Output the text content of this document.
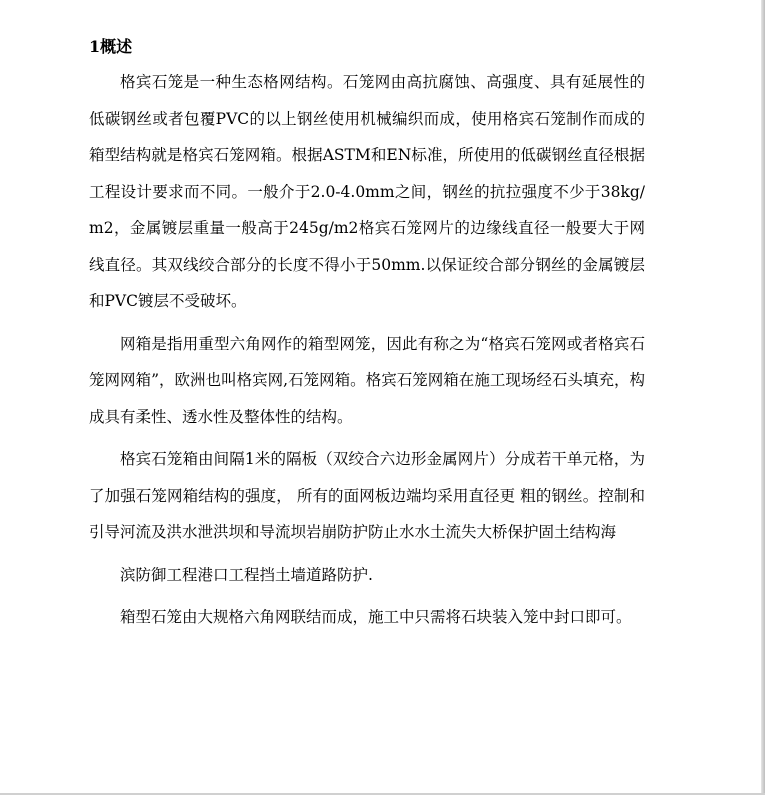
1概述

格宾石笼是一种生态格网结构。石笼网由高抗腐蚀、高强度、具有延展性的低碳钢丝或者包覆PVC的以上钢丝使用机械编织而成，使用格宾石笼制作而成的箱型结构就是格宾石笼网箱。根据ASTM和EN标准，所使用的低碳钢丝直径根据工程设计要求而不同。一般介于2.0-4.0mm之间，钢丝的抗拉强度不少于38kg/m2，金属镀层重量一般高于245g/m2格宾石笼网片的边缘线直径一般要大于网线直径。其双线绞合部分的长度不得小于50mm.以保证绞合部分钢丝的金属镀层和PVC镀层不受破坏。

网箱是指用重型六角网作的箱型网笼，因此有称之为“格宾石笼网或者格宾石笼网网箱”，欧洲也叫格宾网,石笼网箱。格宾石笼网箱在施工现场经石头填充，构成具有柔性、透水性及整体性的结构。

格宾石笼箱由间隔1米的隔板（双绞合六边形金属网片）分成若干单元格，为了加强石笼网箱结构的强度， 所有的面网板边端均采用直径更 粗的钢丝。控制和引导河流及洪水泄洪坝和导流坝岩崩防护防止水水土流失大桥保护固土结构海

滨防御工程港口工程挡土墙道路防护.

箱型石笼由大规格六角网联结而成，施工中只需将石块装入笼中封口即可。
